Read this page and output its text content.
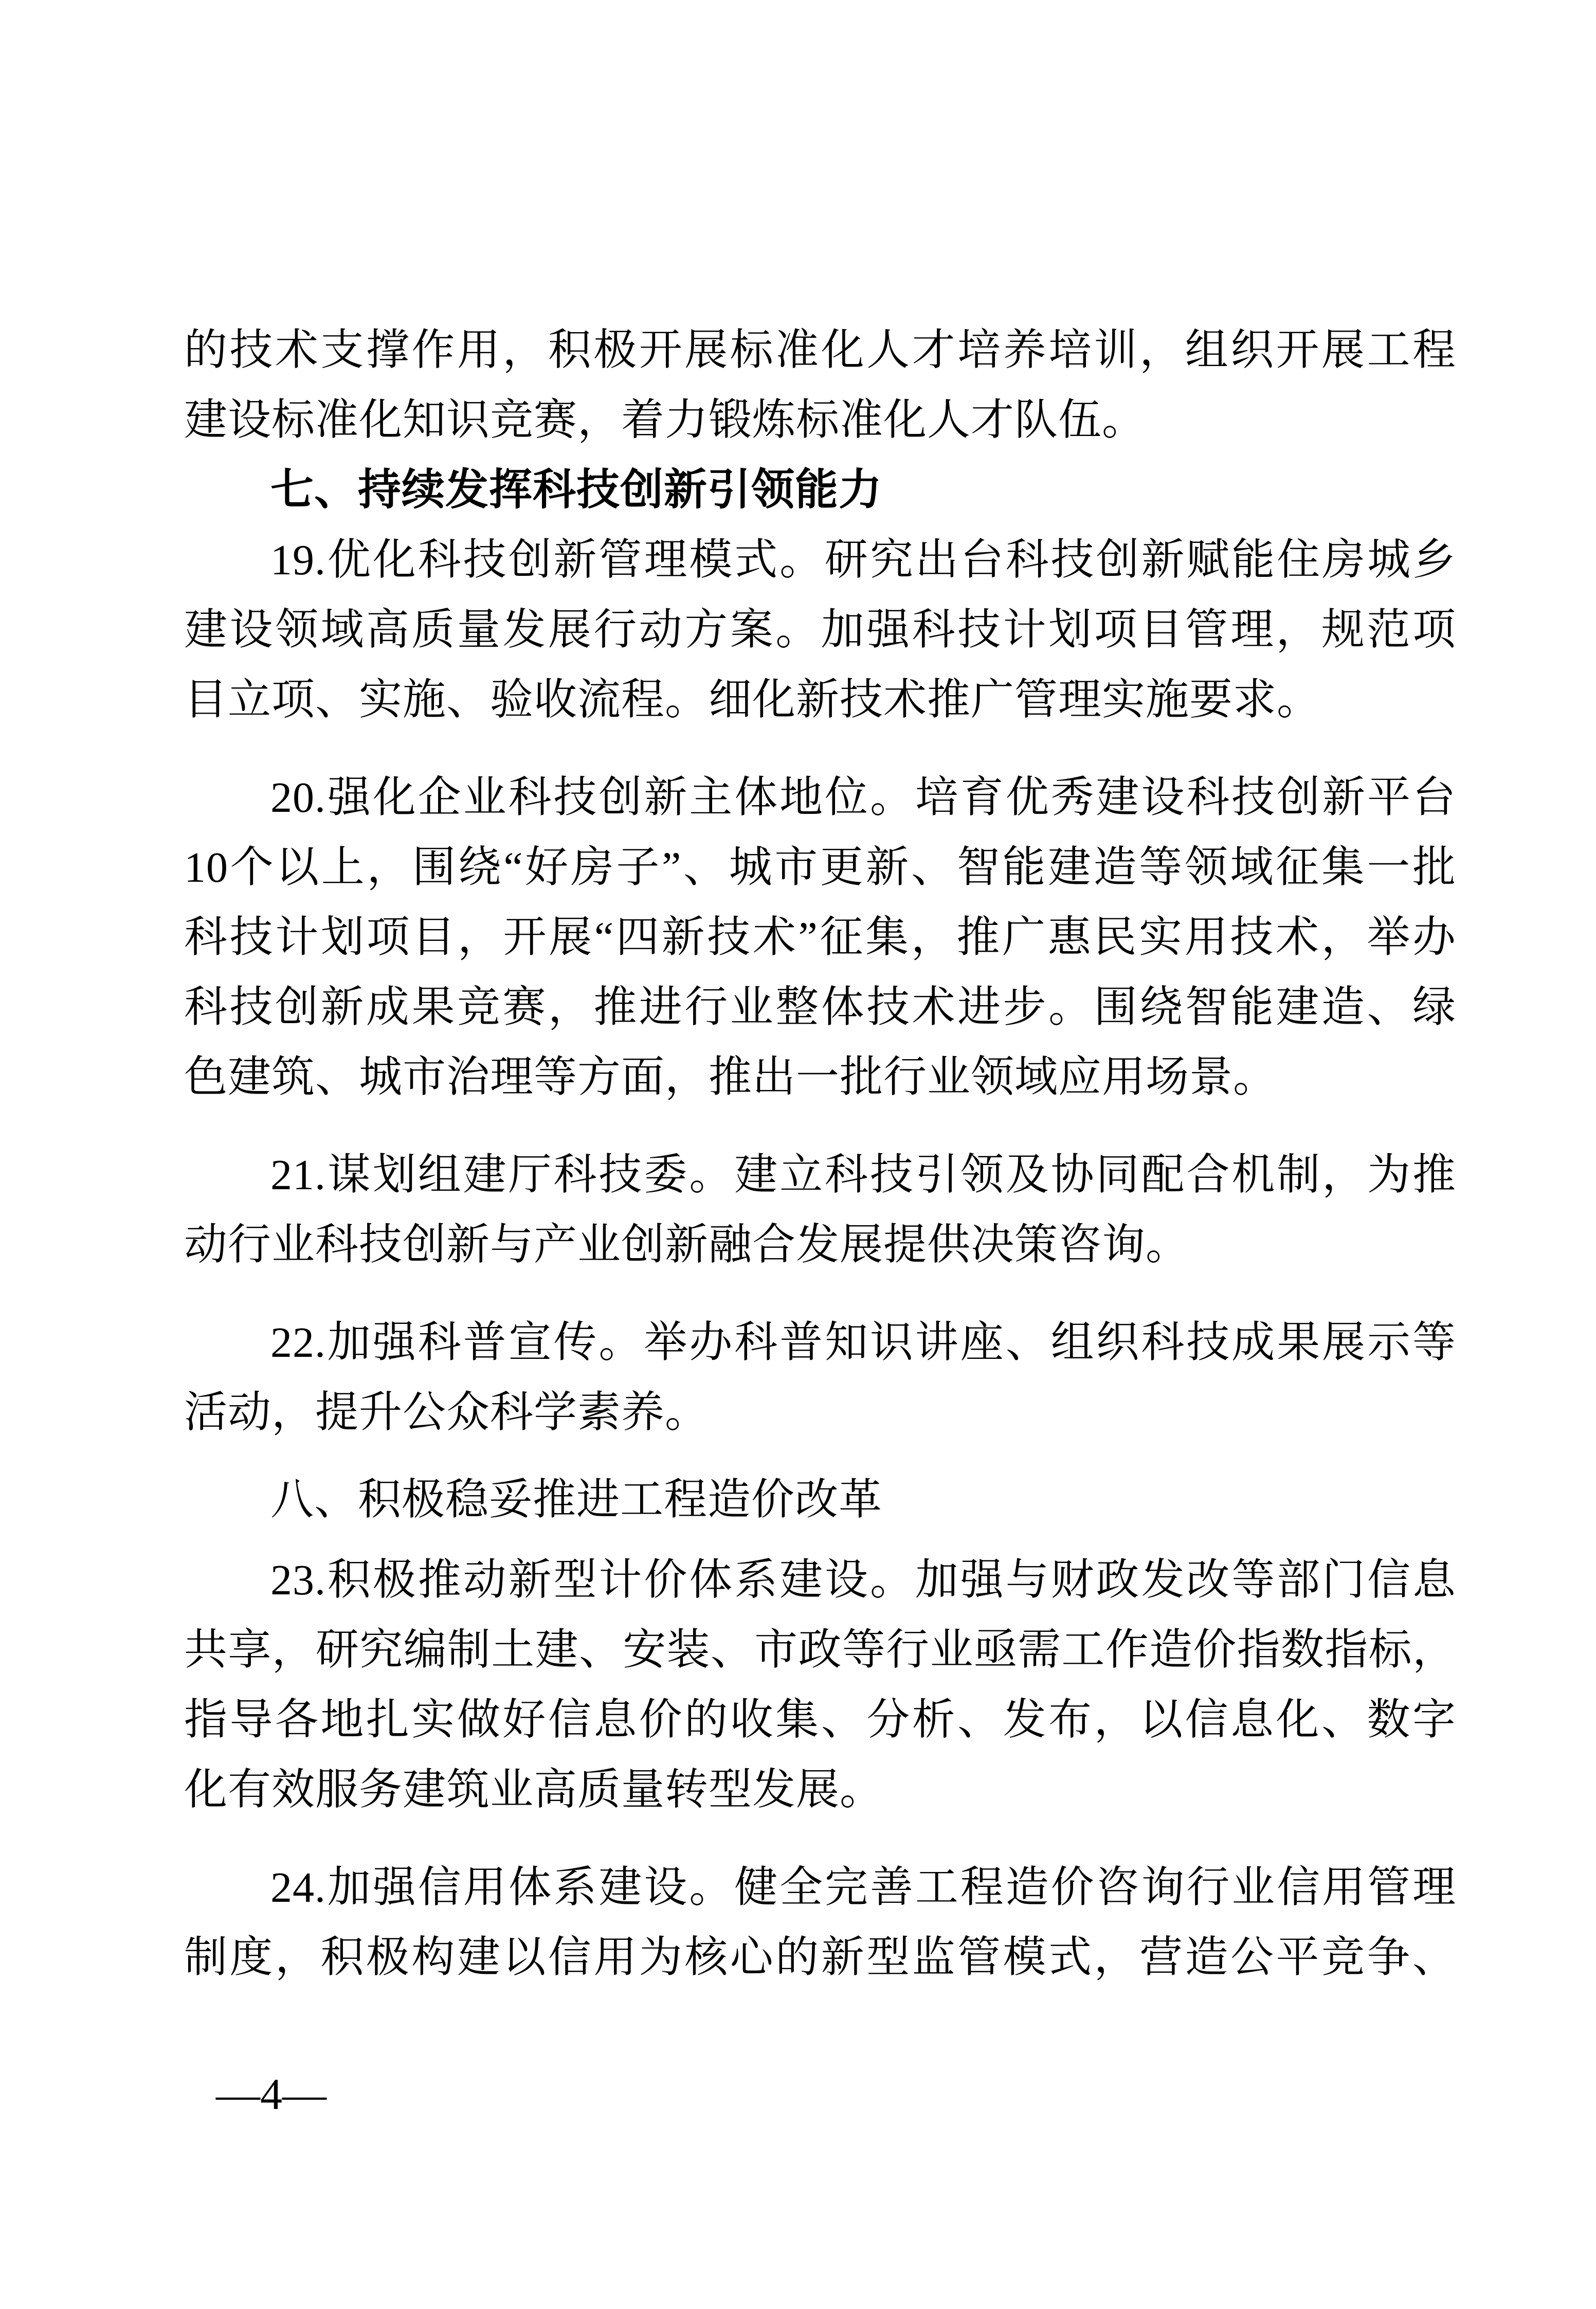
的技术支撑作用，积极开展标准化人才培养培训，组织开展工程
建设标准化知识竞赛，着力锻炼标准化人才队伍。
七、持续发挥科技创新引领能力
19.优化科技创新管理模式。研究出台科技创新赋能住房城乡
建设领域高质量发展行动方案。加强科技计划项目管理，规范项
目立项、实施、验收流程。细化新技术推广管理实施要求。
20.强化企业科技创新主体地位。培育优秀建设科技创新平台
10个以上，围绕“好房子”、城市更新、智能建造等领域征集一批
科技计划项目，开展“四新技术”征集，推广惠民实用技术，举办
科技创新成果竞赛，推进行业整体技术进步。围绕智能建造、绿
色建筑、城市治理等方面，推出一批行业领域应用场景。
21.谋划组建厅科技委。建立科技引领及协同配合机制，为推
动行业科技创新与产业创新融合发展提供决策咨询。
22.加强科普宣传。举办科普知识讲座、组织科技成果展示等
活动，提升公众科学素养。
八、积极稳妥推进工程造价改革
23.积极推动新型计价体系建设。加强与财政发改等部门信息
共享，研究编制土建、安装、市政等行业亟需工作造价指数指标，
指导各地扎实做好信息价的收集、分析、发布，以信息化、数字
化有效服务建筑业高质量转型发展。
24.加强信用体系建设。健全完善工程造价咨询行业信用管理
制度，积极构建以信用为核心的新型监管模式，营造公平竞争、
—4—
